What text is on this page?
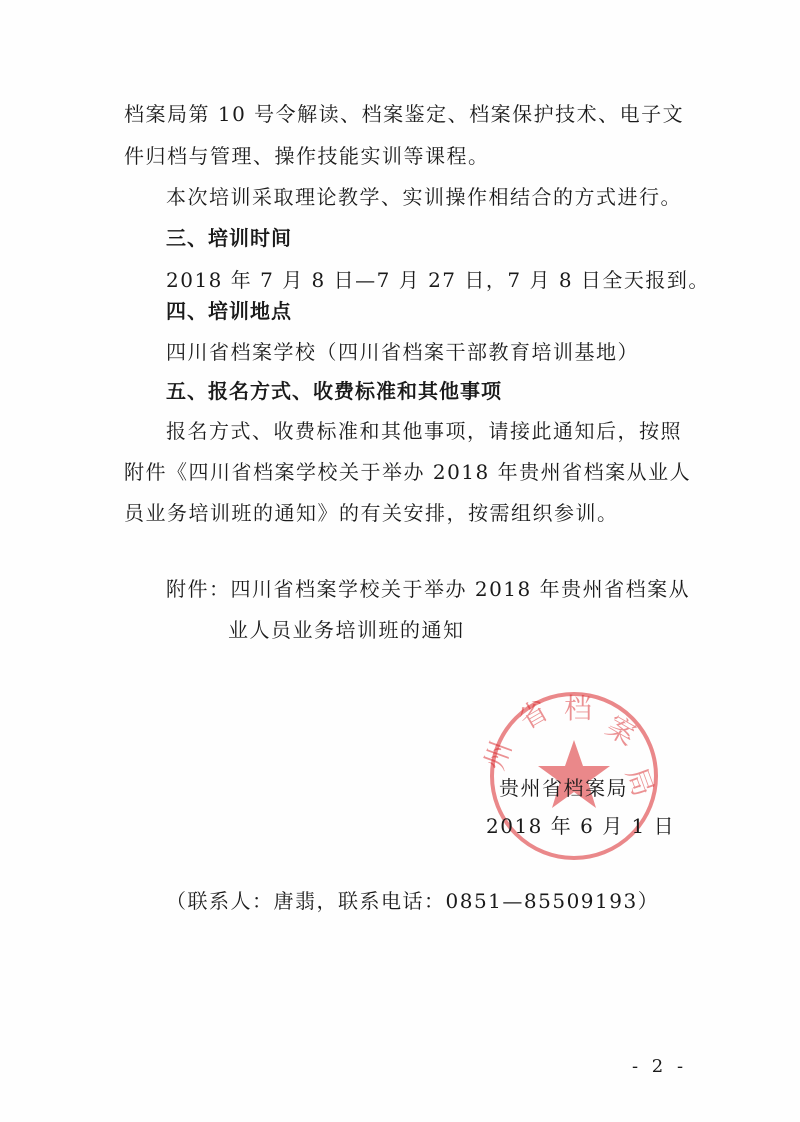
档案局第 10 号令解读、档案鉴定、档案保护技术、电子文
件归档与管理、操作技能实训等课程。
本次培训采取理论教学、实训操作相结合的方式进行。
三、培训时间
2018 年 7 月 8 日—7 月 27 日，7 月 8 日全天报到。
四、培训地点
四川省档案学校（四川省档案干部教育培训基地）
五、报名方式、收费标准和其他事项
报名方式、收费标准和其他事项，请接此通知后，按照
附件《四川省档案学校关于举办 2018 年贵州省档案从业人
员业务培训班的通知》的有关安排，按需组织参训。
附件：四川省档案学校关于举办 2018 年贵州省档案从
业人员业务培训班的通知
省 档
案
州
局
贵州省档案局
2018 年 6 月 1 日
（联系人：唐翡，联系电话：0851—85509193）
- 2 -
